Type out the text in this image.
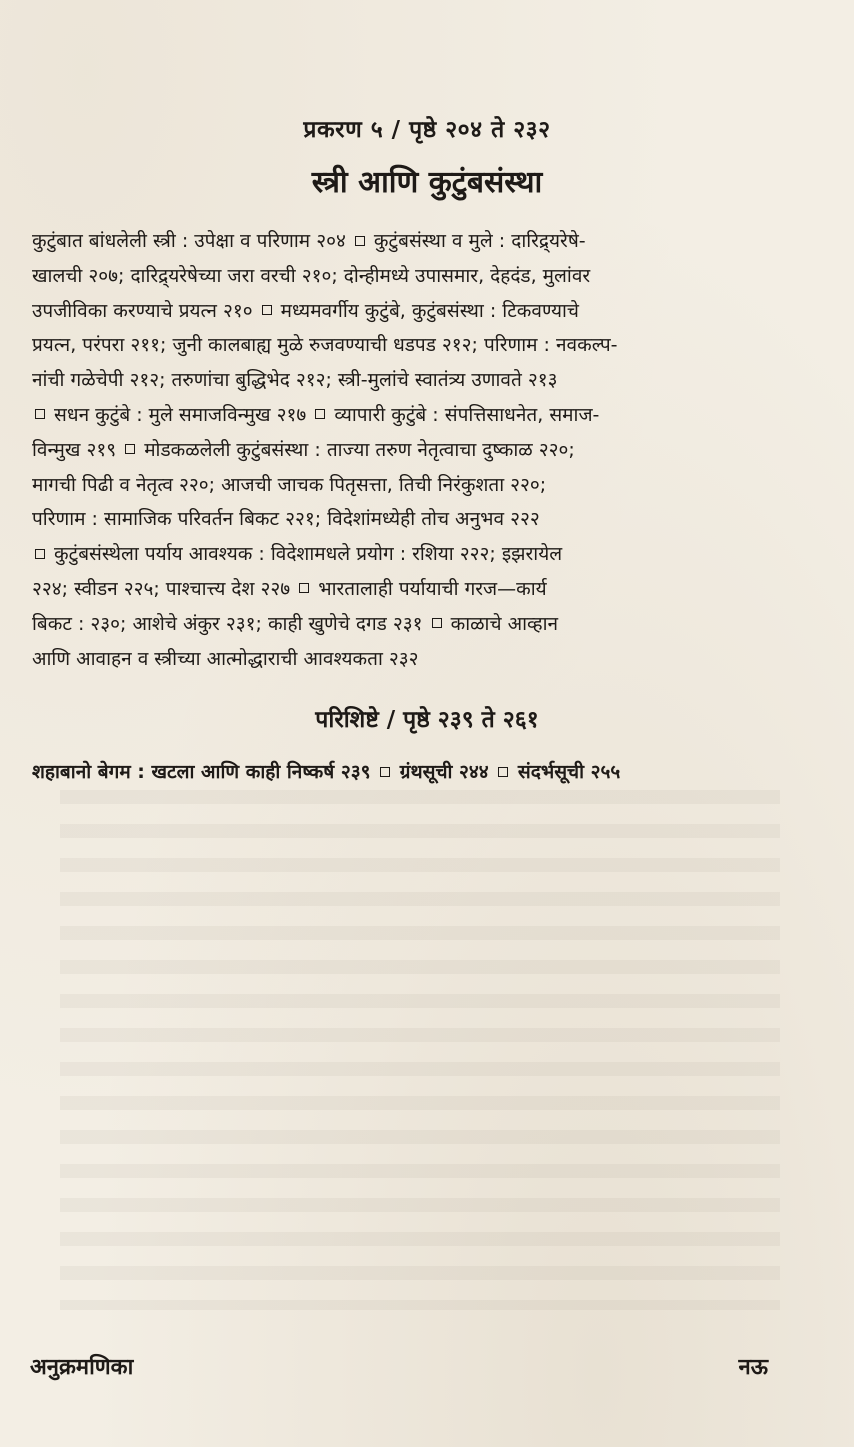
प्रकरण ५ / पृष्ठे २०४ ते २३२
स्त्री आणि कुटुंबसंस्था
कुटुंबात बांधलेली स्त्री : उपेक्षा व परिणाम २०४  कुटुंबसंस्था व मुले : दारिद्र्यरेषे-
खालची २०७; दारिद्र्यरेषेच्या जरा वरची २१०; दोन्हीमध्ये उपासमार, देहदंड, मुलांवर
उपजीविका करण्याचे प्रयत्न २१०  मध्यमवर्गीय कुटुंबे, कुटुंबसंस्था : टिकवण्याचे
प्रयत्न, परंपरा २११; जुनी कालबाह्य मुळे रुजवण्याची धडपड २१२; परिणाम : नवकल्प-
नांची गळेचेपी २१२; तरुणांचा बुद्धिभेद २१२; स्त्री-मुलांचे स्वातंत्र्य उणावते २१३
सधन कुटुंबे : मुले समाजविन्मुख २१७  व्यापारी कुटुंबे : संपत्तिसाधनेत, समाज-
विन्मुख २१९  मोडकळलेली कुटुंबसंस्था : ताज्या तरुण नेतृत्वाचा दुष्काळ २२०;
मागची पिढी व नेतृत्व २२०; आजची जाचक पितृसत्ता, तिची निरंकुशता २२०;
परिणाम : सामाजिक परिवर्तन बिकट २२१; विदेशांमध्येही तोच अनुभव २२२
कुटुंबसंस्थेला पर्याय आवश्यक : विदेशामधले प्रयोग : रशिया २२२; इझरायेल
२२४; स्वीडन २२५; पाश्चात्त्य देश २२७  भारतालाही पर्यायाची गरज—कार्य
बिकट : २३०; आशेचे अंकुर २३१; काही खुणेचे दगड २३१  काळाचे आव्हान
आणि आवाहन व स्त्रीच्या आत्मोद्धाराची आवश्यकता २३२
परिशिष्टे / पृष्ठे २३९ ते २६१
शहाबानो बेगम : खटला आणि काही निष्कर्ष २३९  ग्रंथसूची २४४  संदर्भसूची २५५
अनुक्रमणिका	नऊ
